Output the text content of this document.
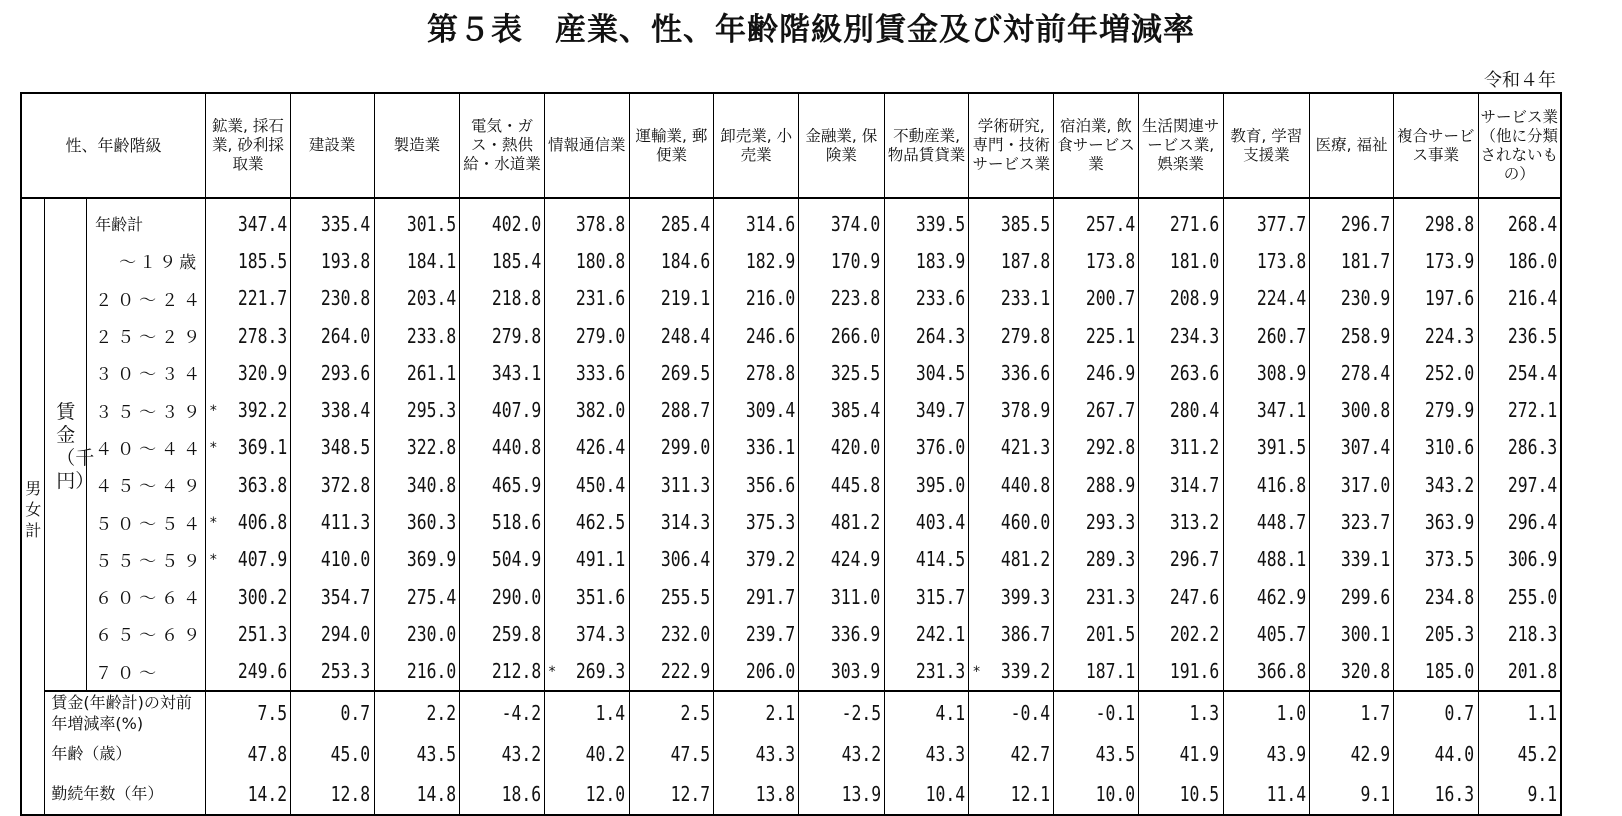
第５表　産業、性、年齢階級別賃金及び対前年増減率
令和４年
性、年齢階級			鉱業, 採石業, 砂利採取業	建設業	製造業	電気・ガス・熱供給・水道業	情報通信業	運輸業, 郵便業	卸売業, 小売業	金融業, 保険業	不動産業, 物品賃貸業	学術研究, 専門・技術サービス業	宿泊業, 飲食サービス業	生活関連サービス業, 娯楽業	教育, 学習支援業	医療, 福祉	複合サービス事業	サービス業（他に分類されないもの）
男女計	賃金（千円）	年齢計	347.4	335.4	301.5	402.0	378.8	285.4	314.6	374.0	339.5	385.5	257.4	271.6	377.7	296.7	298.8	268.4
		～１９歳	185.5	193.8	184.1	185.4	180.8	184.6	182.9	170.9	183.9	187.8	173.8	181.0	173.8	181.7	173.9	186.0
		２０～２４	221.7	230.8	203.4	218.8	231.6	219.1	216.0	223.8	233.6	233.1	200.7	208.9	224.4	230.9	197.6	216.4
		２５～２９	278.3	264.0	233.8	279.8	279.0	248.4	246.6	266.0	264.3	279.8	225.1	234.3	260.7	258.9	224.3	236.5
		３０～３４	320.9	293.6	261.1	343.1	333.6	269.5	278.8	325.5	304.5	336.6	246.9	263.6	308.9	278.4	252.0	254.4
		３５～３９	* 392.2	338.4	295.3	407.9	382.0	288.7	309.4	385.4	349.7	378.9	267.7	280.4	347.1	300.8	279.9	272.1
		４０～４４	* 369.1	348.5	322.8	440.8	426.4	299.0	336.1	420.0	376.0	421.3	292.8	311.2	391.5	307.4	310.6	286.3
		４５～４９	363.8	372.8	340.8	465.9	450.4	311.3	356.6	445.8	395.0	440.8	288.9	314.7	416.8	317.0	343.2	297.4
		５０～５４	* 406.8	411.3	360.3	518.6	462.5	314.3	375.3	481.2	403.4	460.0	293.3	313.2	448.7	323.7	363.9	296.4
		５５～５９	* 407.9	410.0	369.9	504.9	491.1	306.4	379.2	424.9	414.5	481.2	289.3	296.7	488.1	339.1	373.5	306.9
		６０～６４	300.2	354.7	275.4	290.0	351.6	255.5	291.7	311.0	315.7	399.3	231.3	247.6	462.9	299.6	234.8	255.0
		６５～６９	251.3	294.0	230.0	259.8	374.3	232.0	239.7	336.9	242.1	386.7	201.5	202.2	405.7	300.1	205.3	218.3
		７０～	249.6	253.3	216.0	212.8	* 269.3	222.9	206.0	303.9	231.3	* 339.2	187.1	191.6	366.8	320.8	185.0	201.8
	賃金(年齢計)の対前年増減率(%)		7.5	0.7	2.2	-4.2	1.4	2.5	2.1	-2.5	4.1	-0.4	-0.1	1.3	1.0	1.7	0.7	1.1
	年齢（歳）		47.8	45.0	43.5	43.2	40.2	47.5	43.3	43.2	43.3	42.7	43.5	41.9	43.9	42.9	44.0	45.2
	勤続年数（年）		14.2	12.8	14.8	18.6	12.0	12.7	13.8	13.9	10.4	12.1	10.0	10.5	11.4	9.1	16.3	9.1
